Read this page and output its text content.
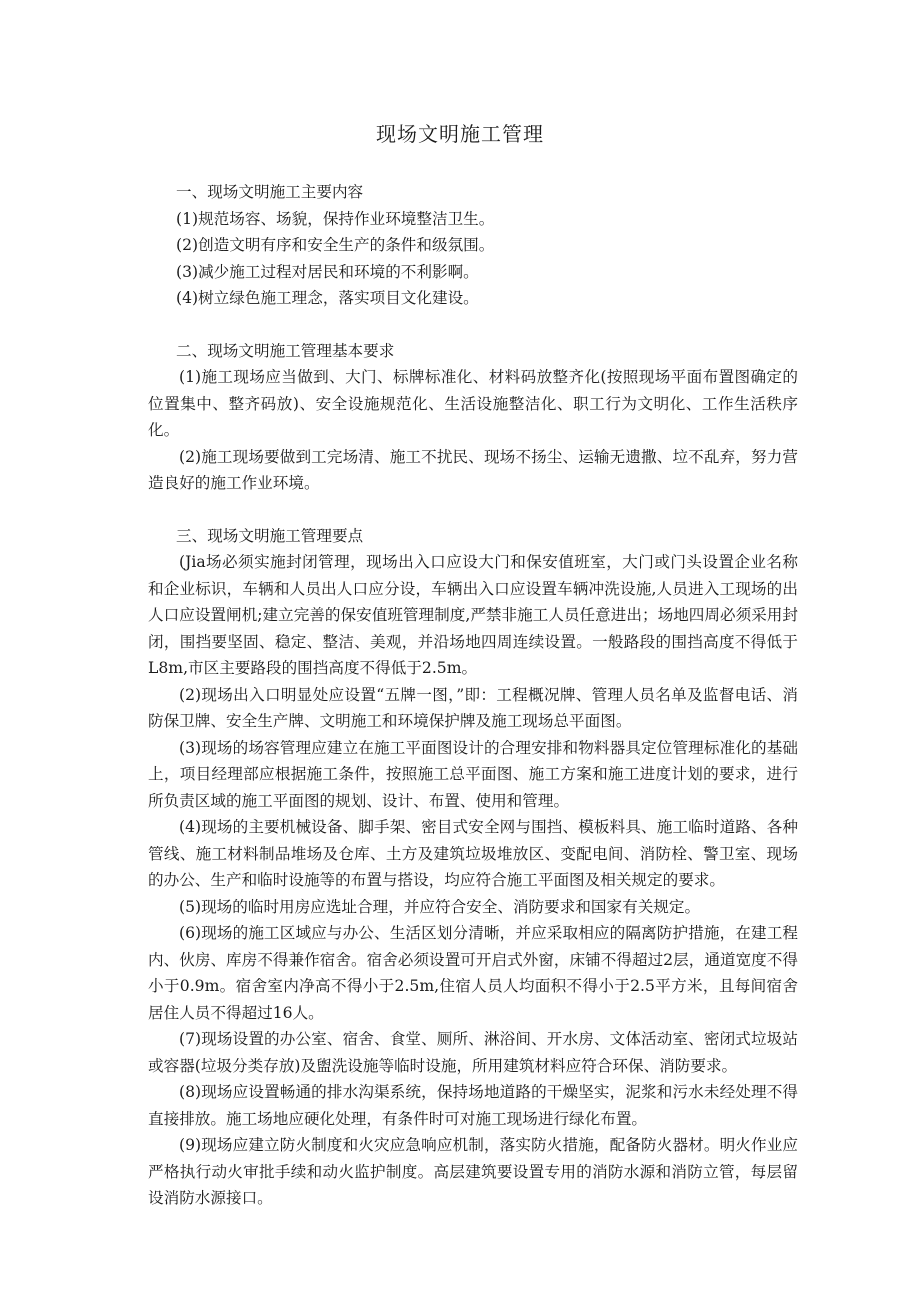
现场文明施工管理

一、现场文明施工主要内容

(1)规范场容、场貌，保持作业环境整洁卫生。

(2)创造文明有序和安全生产的条件和级氛围。

(3)减少施工过程对居民和环境的不利影啊。

(4)树立绿色施工理念，落实项目文化建设。

二、现场文明施工管理基本要求

(1)施工现场应当做到、大门、标牌标准化、材料码放整齐化(按照现场平面布置图确定的位置集中、整齐码放)、安全设施规范化、生活设施整洁化、职工行为文明化、工作生活秩序化。

(2)施工现场要做到工完场清、施工不扰民、现场不扬尘、运输无遗撒、垃不乱弃，努力营造良好的施工作业环境。

三、现场文明施工管理要点

(Jia场必须实施封闭管理，现场出入口应设大门和保安值班室，大门或门头设置企业名称和企业标识，车辆和人员出人口应分设，车辆出入口应设置车辆冲洗设施,人员进入工现场的出人口应设置闸机;建立完善的保安值班管理制度,严禁非施工人员任意进出；场地四周必须采用封闭，围挡要坚固、稳定、整洁、美观，并沿场地四周连续设置。一般路段的围挡高度不得低于L8m,市区主要路段的围挡高度不得低于2.5m。

(2)现场出入口明显处应设置“五牌一图，”即：工程概况牌、管理人员名单及监督电话、消防保卫牌、安全生产牌、文明施工和环境保护牌及施工现场总平面图。

(3)现场的场容管理应建立在施工平面图设计的合理安排和物料器具定位管理标准化的基础上，项目经理部应根据施工条件，按照施工总平面图、施工方案和施工进度计划的要求，进行所负责区域的施工平面图的规划、设计、布置、使用和管理。

(4)现场的主要机械设备、脚手架、密目式安全网与围挡、模板料具、施工临时道路、各种管线、施工材料制品堆场及仓库、土方及建筑垃圾堆放区、变配电间、消防栓、警卫室、现场的办公、生产和临时设施等的布置与搭设，均应符合施工平面图及相关规定的要求。

(5)现场的临时用房应选址合理，并应符合安全、消防要求和国家有关规定。

(6)现场的施工区域应与办公、生活区划分清晰，并应采取相应的隔离防护措施，在建工程内、伙房、库房不得兼作宿舍。宿舍必须设置可开启式外窗，床铺不得超过2层，通道宽度不得小于0.9m。宿舍室内净高不得小于2.5m,住宿人员人均面积不得小于2.5平方米，且每间宿舍居住人员不得超过16人。

(7)现场设置的办公室、宿舍、食堂、厕所、淋浴间、开水房、文体活动室、密闭式垃圾站或容器(垃圾分类存放)及盥洗设施等临时设施，所用建筑材料应符合环保、消防要求。

(8)现场应设置畅通的排水沟渠系统，保持场地道路的干燥坚实，泥浆和污水未经处理不得直接排放。施工场地应硬化处理，有条件时可对施工现场进行绿化布置。

(9)现场应建立防火制度和火灾应急响应机制，落实防火措施，配备防火器材。明火作业应严格执行动火审批手续和动火监护制度。高层建筑要设置专用的消防水源和消防立管，每层留设消防水源接口。
